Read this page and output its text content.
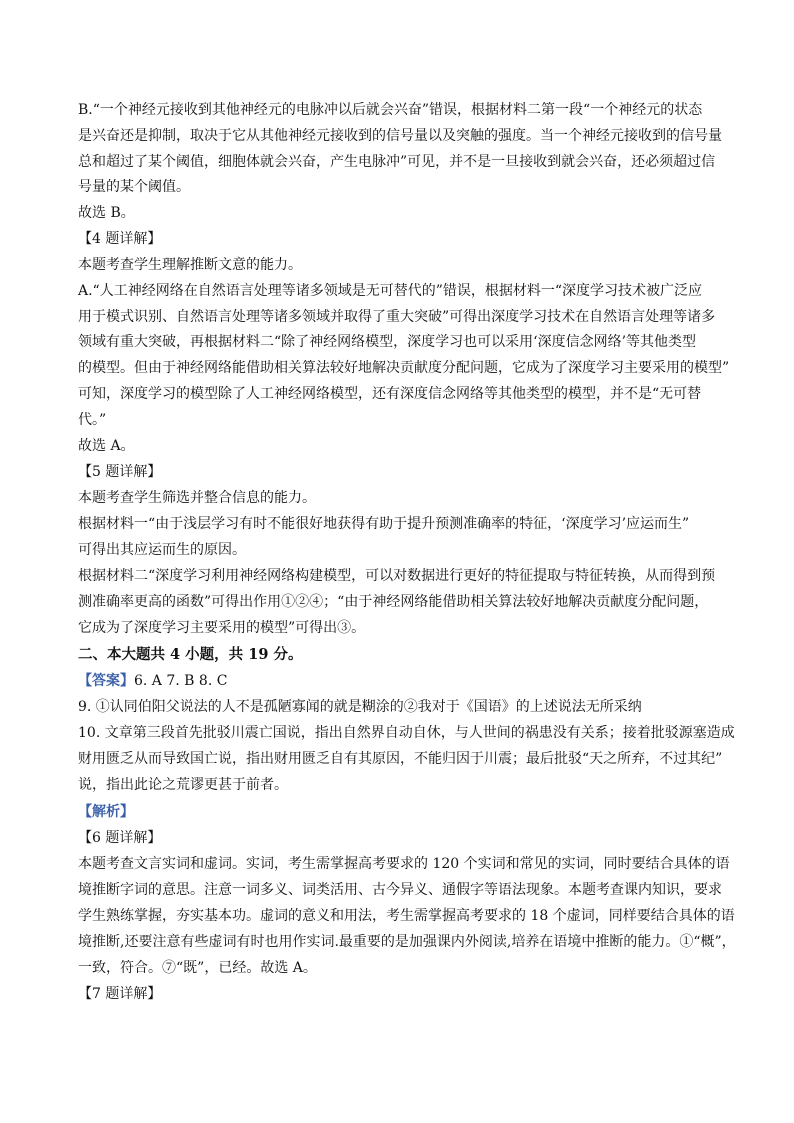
B.“一个神经元接收到其他神经元的电脉冲以后就会兴奋”错误，根据材料二第一段“一个神经元的状态
是兴奋还是抑制，取决于它从其他神经元接收到的信号量以及突触的强度。当一个神经元接收到的信号量
总和超过了某个阈值，细胞体就会兴奋，产生电脉冲”可见，并不是一旦接收到就会兴奋，还必须超过信
号量的某个阈值。
故选 B。
【4 题详解】
本题考查学生理解推断文意的能力。
A.“人工神经网络在自然语言处理等诸多领域是无可替代的”错误，根据材料一“深度学习技术被广泛应
用于模式识别、自然语言处理等诸多领域并取得了重大突破”可得出深度学习技术在自然语言处理等诸多
领域有重大突破，再根据材料二“除了神经网络模型，深度学习也可以采用‘深度信念网络’等其他类型
的模型。但由于神经网络能借助相关算法较好地解决贡献度分配问题，它成为了深度学习主要采用的模型”
可知，深度学习的模型除了人工神经网络模型，还有深度信念网络等其他类型的模型，并不是“无可替
代。”
故选 A。
【5 题详解】
本题考查学生筛选并整合信息的能力。
根据材料一“由于浅层学习有时不能很好地获得有助于提升预测准确率的特征，‘深度学习’应运而生”
可得出其应运而生的原因。
根据材料二“深度学习利用神经网络构建模型，可以对数据进行更好的特征提取与特征转换，从而得到预
测准确率更高的函数”可得出作用①②④；“由于神经网络能借助相关算法较好地解决贡献度分配问题，
它成为了深度学习主要采用的模型”可得出③。
二、本大题共 4 小题，共 19 分。
【答案】6. A 7. B 8. C
9. ①认同伯阳父说法的人不是孤陋寡闻的就是糊涂的②我对于《国语》的上述说法无所采纳
10. 文章第三段首先批驳川震亡国说，指出自然界自动自休，与人世间的祸患没有关系；接着批驳源塞造成
财用匮乏从而导致国亡说，指出财用匮乏自有其原因，不能归因于川震；最后批驳“天之所弃，不过其纪”
说，指出此论之荒谬更甚于前者。
【解析】
【6 题详解】
本题考查文言实词和虚词。实词，考生需掌握高考要求的 120 个实词和常见的实词，同时要结合具体的语
境推断字词的意思。注意一词多义、词类活用、古今异义、通假字等语法现象。本题考查课内知识，要求
学生熟练掌握，夯实基本功。虚词的意义和用法，考生需掌握高考要求的 18 个虚词，同样要结合具体的语
境推断,还要注意有些虚词有时也用作实词.最重要的是加强课内外阅读,培养在语境中推断的能力。①“概”，
一致，符合。⑦“既”，已经。故选 A。
【7 题详解】
